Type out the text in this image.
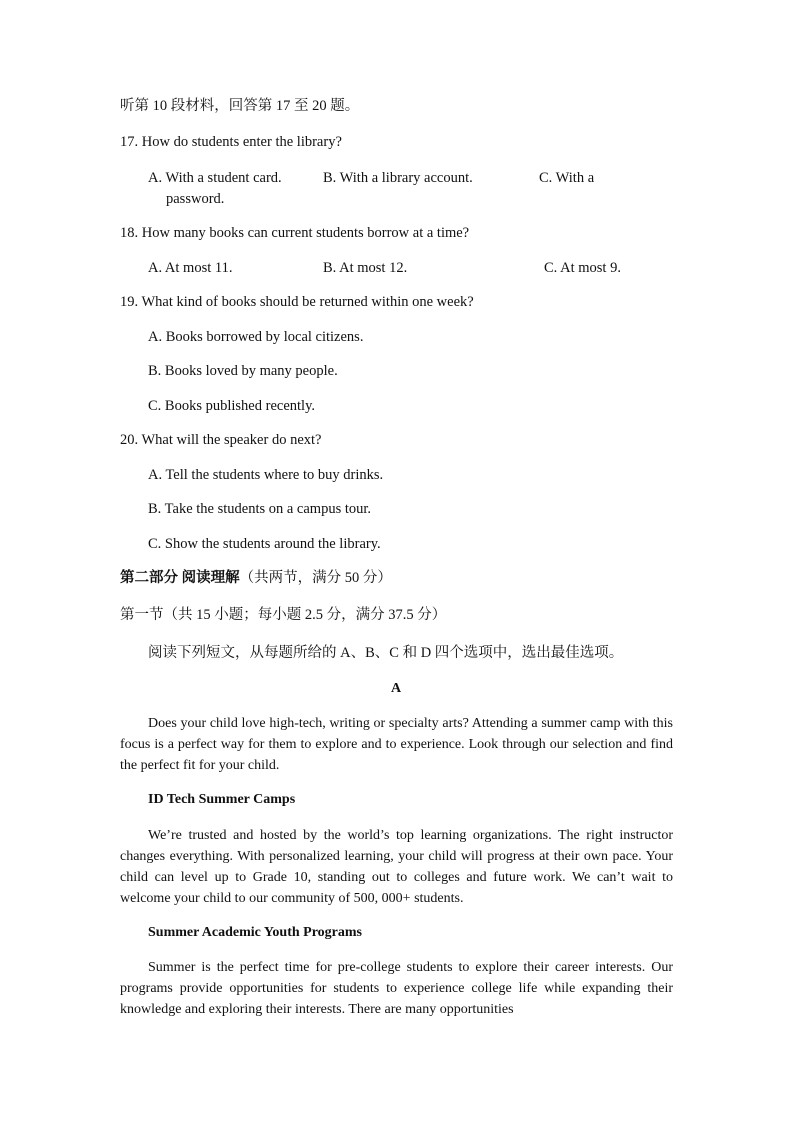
听第 10 段材料，回答第 17 至 20 题。
17. How do students enter the library?
A. With a student card.	B. With a library account.	C. With a
password.
18. How many books can current students borrow at a time?
A. At most 11.	B. At most 12.	C. At most 9.
19. What kind of books should be returned within one week?
A. Books borrowed by local citizens.
B. Books loved by many people.
C. Books published recently.
20. What will the speaker do next?
A. Tell the students where to buy drinks.
B. Take the students on a campus tour.
C. Show the students around the library.
第二部分 阅读理解（共两节，满分 50 分）
第一节（共 15 小题；每小题 2.5 分，满分 37.5 分）
阅读下列短文，从每题所给的 A、B、C 和 D 四个选项中，选出最佳选项。
A
Does your child love high-tech, writing or specialty arts? Attending a summer camp with this focus is a perfect way for them to explore and to experience. Look through our selection and find the perfect fit for your child.
ID Tech Summer Camps
We’re trusted and hosted by the world’s top learning organizations. The right instructor changes everything. With personalized learning, your child will progress at their own pace. Your child can level up to Grade 10, standing out to colleges and future work. We can’t wait to welcome your child to our community of 500, 000+ students.
Summer Academic Youth Programs
Summer is the perfect time for pre-college students to explore their career interests. Our programs provide opportunities for students to experience college life while expanding their knowledge and exploring their interests. There are many opportunities
